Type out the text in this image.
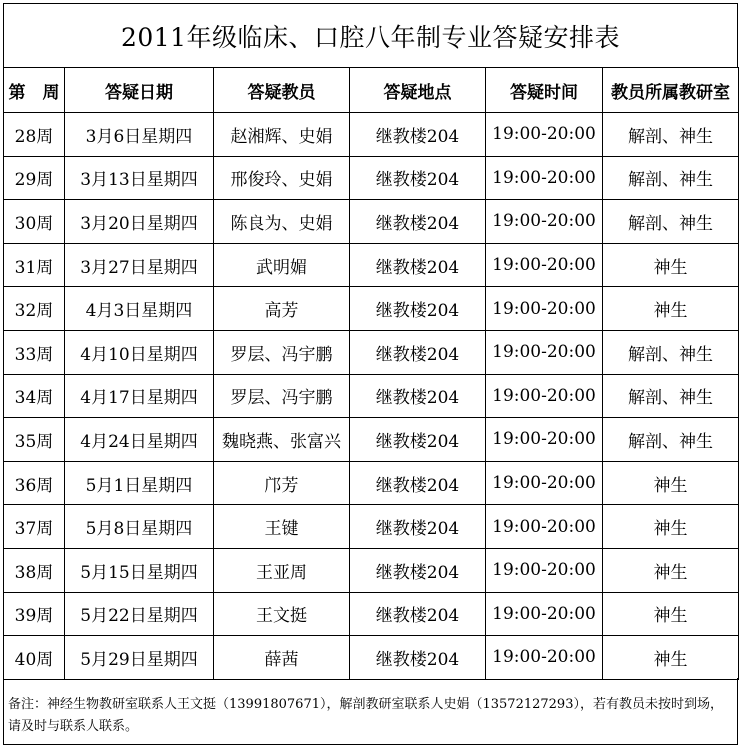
2011年级临床、口腔八年制专业答疑安排表
第　周	答疑日期	答疑教员	答疑地点	答疑时间	教员所属教研室
28周	3月6日星期四	赵湘辉、史娟	继教楼204	19:00-20:00	解剖、神生
29周	3月13日星期四	邢俊玲、史娟	继教楼204	19:00-20:00	解剖、神生
30周	3月20日星期四	陈良为、史娟	继教楼204	19:00-20:00	解剖、神生
31周	3月27日星期四	武明媚	继教楼204	19:00-20:00	神生
32周	4月3日星期四	高芳	继教楼204	19:00-20:00	神生
33周	4月10日星期四	罗层、冯宇鹏	继教楼204	19:00-20:00	解剖、神生
34周	4月17日星期四	罗层、冯宇鹏	继教楼204	19:00-20:00	解剖、神生
35周	4月24日星期四	魏晓燕、张富兴	继教楼204	19:00-20:00	解剖、神生
36周	5月1日星期四	邝芳	继教楼204	19:00-20:00	神生
37周	5月8日星期四	王键	继教楼204	19:00-20:00	神生
38周	5月15日星期四	王亚周	继教楼204	19:00-20:00	神生
39周	5月22日星期四	王文挺	继教楼204	19:00-20:00	神生
40周	5月29日星期四	薛茜	继教楼204	19:00-20:00	神生
备注：神经生物教研室联系人王文挺（13991807671），解剖教研室联系人史娟（13572127293），若有教员未按时到场，请及时与联系人联系。
